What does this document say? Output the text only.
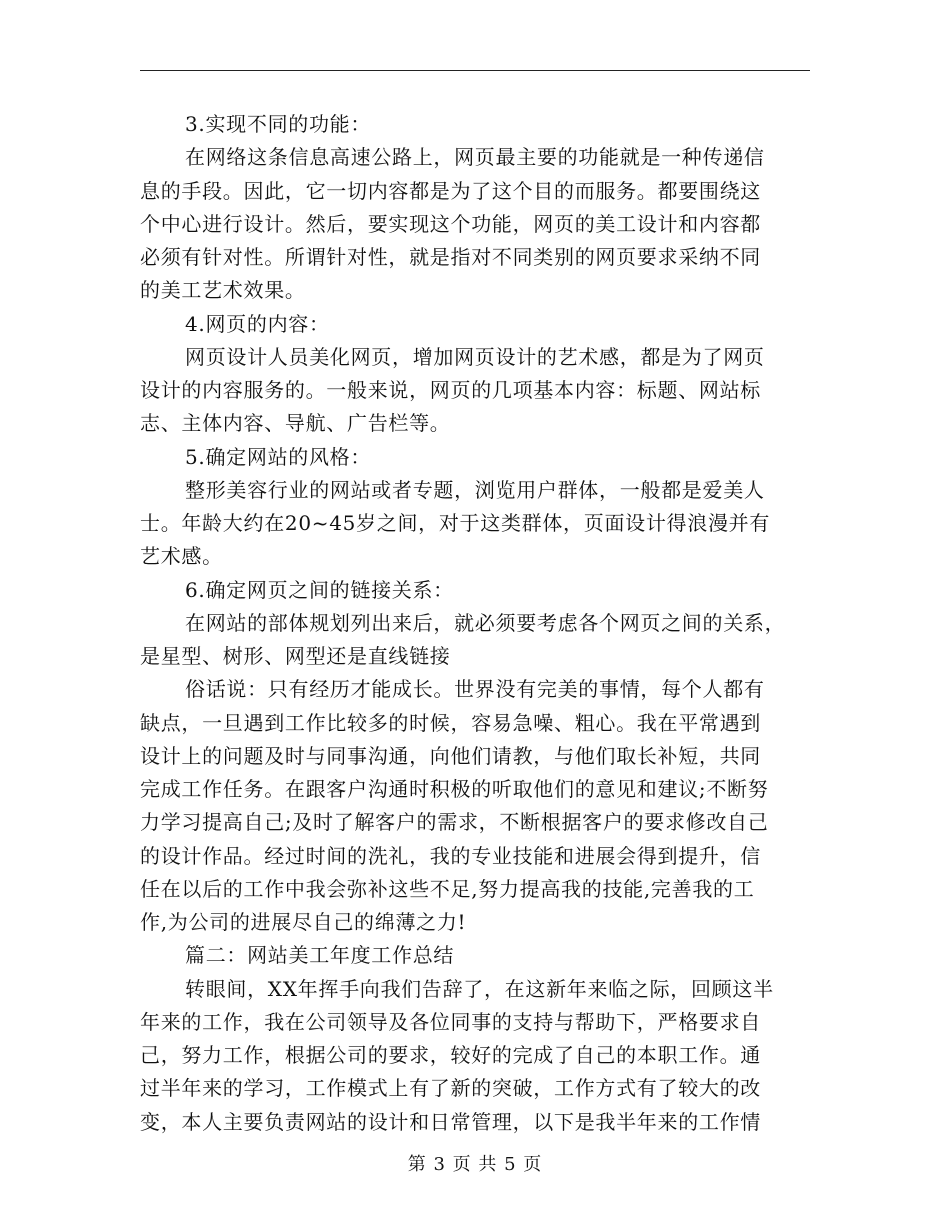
3.实现不同的功能：
在网络这条信息高速公路上，网页最主要的功能就是一种传递信
息的手段。因此，它一切内容都是为了这个目的而服务。都要围绕这
个中心进行设计。然后，要实现这个功能，网页的美工设计和内容都
必须有针对性。所谓针对性，就是指对不同类别的网页要求采纳不同
的美工艺术效果。
4.网页的内容：
网页设计人员美化网页，增加网页设计的艺术感，都是为了网页
设计的内容服务的。一般来说，网页的几项基本内容：标题、网站标
志、主体内容、导航、广告栏等。
5.确定网站的风格：
整形美容行业的网站或者专题，浏览用户群体，一般都是爱美人
士。年龄大约在20~45岁之间，对于这类群体，页面设计得浪漫并有
艺术感。
6.确定网页之间的链接关系：
在网站的部体规划列出来后，就必须要考虑各个网页之间的关系，
是星型、树形、网型还是直线链接
俗话说：只有经历才能成长。世界没有完美的事情，每个人都有
缺点，一旦遇到工作比较多的时候，容易急噪、粗心。我在平常遇到
设计上的问题及时与同事沟通，向他们请教，与他们取长补短，共同
完成工作任务。在跟客户沟通时积极的听取他们的意见和建议;不断努
力学习提高自己;及时了解客户的需求，不断根据客户的要求修改自己
的设计作品。经过时间的洗礼，我的专业技能和进展会得到提升，信
任在以后的工作中我会弥补这些不足,努力提高我的技能,完善我的工
作,为公司的进展尽自己的绵薄之力!
篇二：网站美工年度工作总结
转眼间，XX年挥手向我们告辞了，在这新年来临之际，回顾这半
年来的工作，我在公司领导及各位同事的支持与帮助下，严格要求自
己，努力工作，根据公司的要求，较好的完成了自己的本职工作。通
过半年来的学习，工作模式上有了新的突破，工作方式有了较大的改
变，本人主要负责网站的设计和日常管理，以下是我半年来的工作情
第 3 页 共 5 页
